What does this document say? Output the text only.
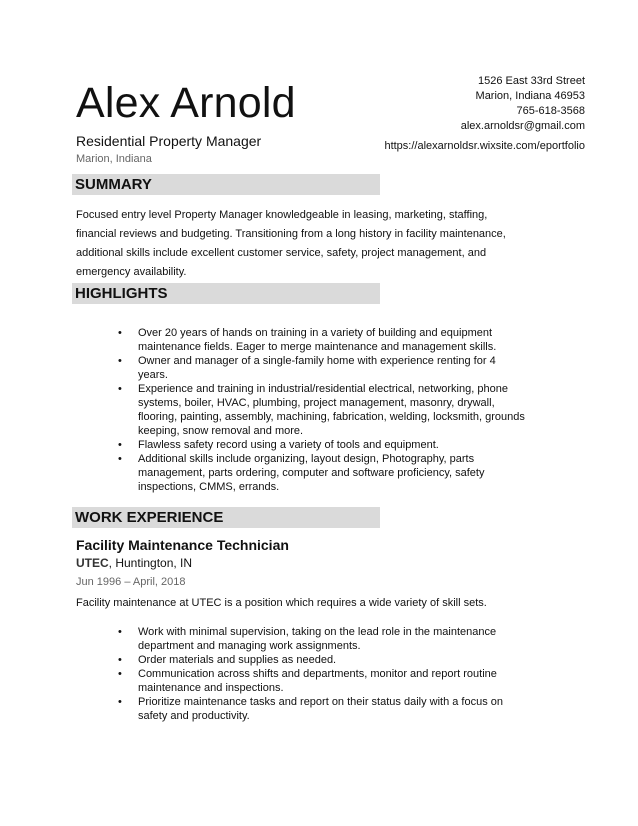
Alex Arnold
Residential Property Manager
Marion, Indiana
1526 East 33rd Street
Marion, Indiana 46953
765-618-3568
alex.arnoldsr@gmail.com
https://alexarnoldsr.wixsite.com/eportfolio
SUMMARY
Focused entry level Property Manager knowledgeable in leasing, marketing, staffing,
financial reviews and budgeting. Transitioning from a long history in facility maintenance,
additional skills include excellent customer service, safety, project management, and
emergency availability.
HIGHLIGHTS
• Over 20 years of hands on training in a variety of building and equipment
maintenance fields. Eager to merge maintenance and management skills.
• Owner and manager of a single-family home with experience renting for 4
years.
• Experience and training in industrial/residential electrical, networking, phone
systems, boiler, HVAC, plumbing, project management, masonry, drywall,
flooring, painting, assembly, machining, fabrication, welding, locksmith, grounds
keeping, snow removal and more.
• Flawless safety record using a variety of tools and equipment.
• Additional skills include organizing, layout design, Photography, parts
management, parts ordering, computer and software proficiency, safety
inspections, CMMS, errands.
WORK EXPERIENCE
Facility Maintenance Technician
UTEC, Huntington, IN
Jun 1996 – April, 2018
Facility maintenance at UTEC is a position which requires a wide variety of skill sets.
• Work with minimal supervision, taking on the lead role in the maintenance
department and managing work assignments.
• Order materials and supplies as needed.
• Communication across shifts and departments, monitor and report routine
maintenance and inspections.
• Prioritize maintenance tasks and report on their status daily with a focus on
safety and productivity.
